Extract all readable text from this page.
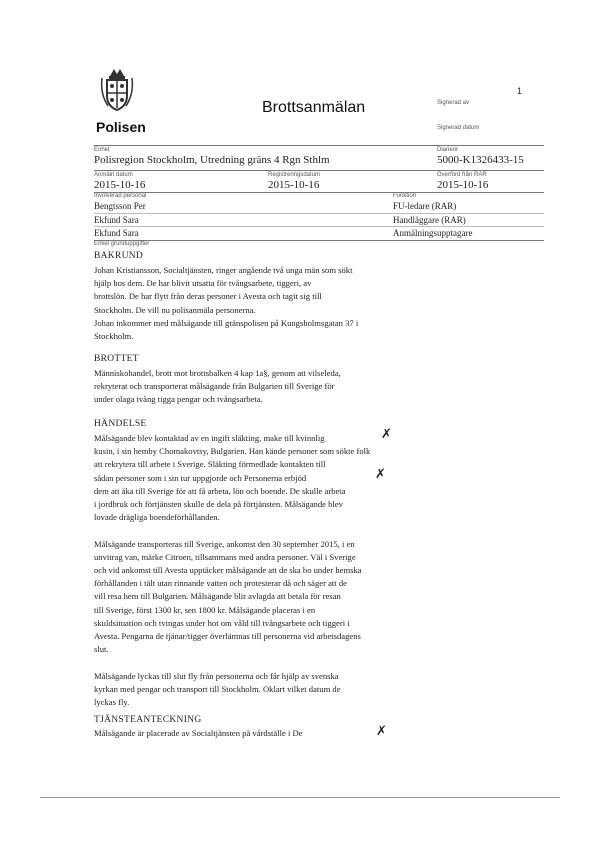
1
Polisen
Brottsanmälan	Signerad av
Signerad datum
Enhet
Polisregion Stockholm, Utredning gräns 4 Rgn Sthlm
Diarienr
5000-K1326433-15
Anmäln datum
2015-10-16
Registreringsdatum
2015-10-16
Överförd från RAR
2015-10-16
Involverad personal	Funktion
Bengtsson Per	FU-ledare (RAR)
Ekfund Sara	Handläggare (RAR)
Ekfund Sara	Anmälningsupptagare
Enkel grunduppgifter
BAKRUND
Johan Kristiansson, Socialtjänsten, ringer angående två unga män som sökt
hjälp hos dem. De har blivit utsatta för tvångsarbete, tiggeri, av
brottslön. De har flytt från deras personer i Avesta och tagit sig till
Stockholm. De vill nu polisanmäla personerna.
Johan inkommer med målsägande till gränspolisen på Kungsholmsgatan 37 i
Stockholm.
BROTTET
Människohandel, brott mot brottsbalken 4 kap 1a§, genom att vilseleda,
rekryterat och transporterat målsägande från Bulgarien till Sverige för
under olaga tvång tigga pengar och tvångsarbeta.
HÄNDELSE
Målsägande blev kontaktad av en ingift släkting, make till kvinnlig
kusin, i sin hemby Chomakovtsy, Bulgarien. Han kände personer som sökte folk
att rekrytera till arbete i Sverige. Släkting förmedlade kontakten till
sådan personer som i sin tur uppgjorde och Personerna erbjöd
dem att åka till Sverige för att få arbeta, lön och boende. De skulle arbeta
i jordbruk och förtjänsten skulle de dela på förtjänsten. Målsägande blev
lovade drägliga boendeförhållanden.

Målsägande transporteras till Sverige, ankomst den 30 september 2015, i en
unvitrag van, märke Citroen, tillsammans med andra personer. Väl i Sverige
och vid ankomst till Avesta upptäcker målsägande att de ska bo under hemska
förhållanden i tält utan rinnande vatten och protesterar då och säger att de
vill resa hem till Bulgarien. Målsägande blir avlagda att betala för resan
till Sverige, först 1300 kr, sen 1800 kr. Målsägande placeras i en
skuldsituation och tvingas under hot om våld till tvångsarbete och tiggeri i
Avesta. Pengarna de tjänar/tigger överlämnas till personerna vid arbetsdagens
slut.

Målsägande lyckas till slut fly från personerna och får hjälp av svenska
kyrkan med pengar och transport till Stockholm. Oklart vilket datum de
lyckas fly.
TJÄNSTEANTECKNING
Målsägande är placerade av Socialtjänsten på vårdställe i De
✗
✗
✗
